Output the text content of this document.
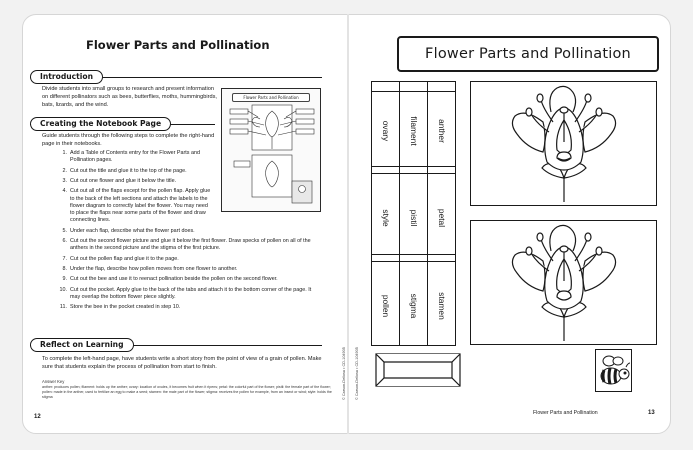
Flower Parts and Pollination
Introduction
Divide students into small groups to research and present information on different pollinators such as bees, butterflies, moths, hummingbirds, bats, lizards, and the wind.
Creating the Notebook Page
Guide students through the following steps to complete the right-hand page in their notebooks.
1. Add a Table of Contents entry for the Flower Parts and Pollination pages.
2. Cut out the title and glue it to the top of the page.
3. Cut out one flower and glue it below the title.
4. Cut out all of the flaps except for the pollen flap. Apply glue to the back of the left sections and attach the labels to the flower diagram to correctly label the flower. You may need to place the flaps near some parts of the flower and draw connecting lines.
5. Under each flap, describe what the flower part does.
6. Cut out the second flower picture and glue it below the first flower. Draw specks of pollen on all of the anthers in the second picture and the stigma of the first picture.
7. Cut out the pollen flap and glue it to the page.
8. Under the flap, describe how pollen moves from one flower to another.
9. Cut out the bee and use it to reenact pollination beside the pollen on the second flower.
10. Cut out the pocket. Apply glue to the back of the tabs and attach it to the bottom corner of the page. It may overlap the bottom flower piece slightly.
11. Store the bee in the pocket created in step 10.
Reflect on Learning
To complete the left-hand page, have students write a short story from the point of view of a grain of pollen. Make sure that students explain the process of pollination from start to finish.
Answer Key
anther: produces pollen; filament: holds up the anther; ovary: location of ovules, it becomes fruit when it ripens; petal: the colorful part of the flower; pistil: the female part of the flower; pollen: made in the anther, used to fertilize an egg to make a seed; stamen: the male part of the flower; stigma: receives the pollen for example, from an insect or wind; style: holds the stigma
12
Flower Parts and Pollination
© Carson-Dellosa • CD-104905 © Carson-Dellosa • CD-104905
Flower Parts and Pollination
ovary
style
pollen
filament
pistil
stigma
anther
petal
stamen
Flower Parts and Pollination	13
